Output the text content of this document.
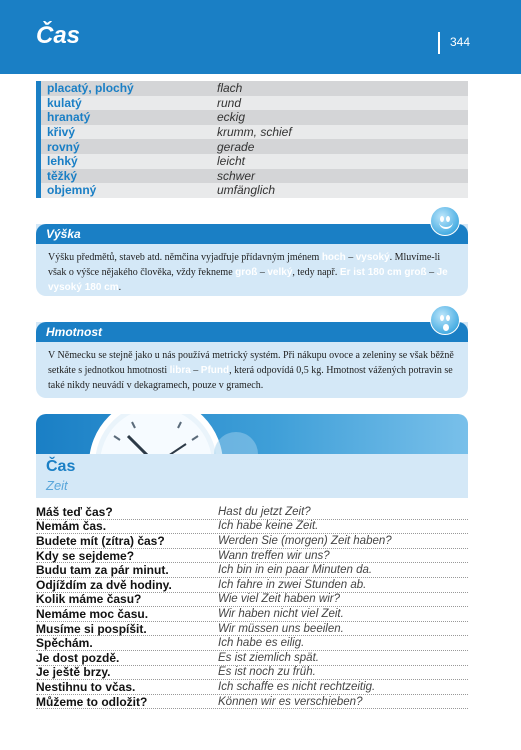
Čas	344
placatý, plochý	flach
kulatý	rund
hranatý	eckig
křivý	krumm, schief
rovný	gerade
lehký	leicht
těžký	schwer
objemný	umfänglich
Výška
Výšku předmětů, staveb atd. němčina vyjadřuje přídavným jménem hoch – vysoký. Mluvíme-li však o výšce nějakého člověka, vždy řekneme groß – velký, tedy např. Er ist 180 cm groß – Je vysoký 180 cm.
Hmotnost
V Německu se stejně jako u nás používá metrický systém. Při nákupu ovoce a zeleniny se však běžně setkáte s jednotkou hmotnosti libra – Pfund, která odpovídá 0,5 kg. Hmotnost vážených potravin se také nikdy neuvádí v dekagramech, pouze v gramech.
Čas
Zeit
Máš teď čas?	Hast du jetzt Zeit?
Nemám čas.	Ich habe keine Zeit.
Budete mít (zítra) čas?	Werden Sie (morgen) Zeit haben?
Kdy se sejdeme?	Wann treffen wir uns?
Budu tam za pár minut.	Ich bin in ein paar Minuten da.
Odjíždím za dvě hodiny.	Ich fahre in zwei Stunden ab.
Kolik máme času?	Wie viel Zeit haben wir?
Nemáme moc času.	Wir haben nicht viel Zeit.
Musíme si pospíšit.	Wir müssen uns beeilen.
Spěchám.	Ich habe es eilig.
Je dost pozdě.	Es ist ziemlich spät.
Je ještě brzy.	Es ist noch zu früh.
Nestihnu to včas.	Ich schaffe es nicht rechtzeitig.
Můžeme to odložit?	Können wir es verschieben?
